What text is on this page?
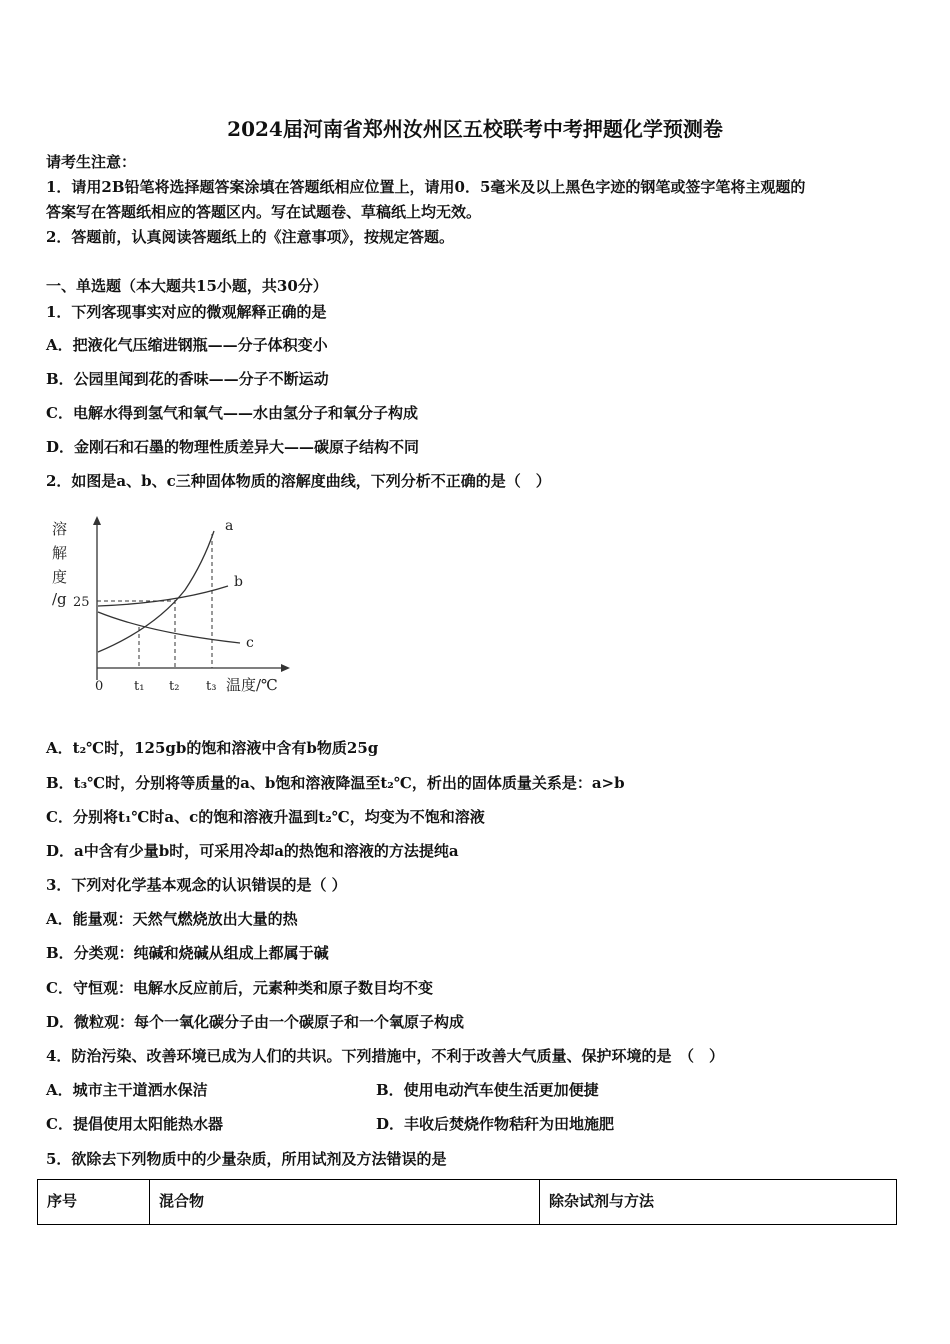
2024届河南省郑州汝州区五校联考中考押题化学预测卷
请考生注意：
1．请用2B铅笔将选择题答案涂填在答题纸相应位置上，请用0．5毫米及以上黑色字迹的钢笔或签字笔将主观题的
答案写在答题纸相应的答题区内。写在试题卷、草稿纸上均无效。
2．答题前，认真阅读答题纸上的《注意事项》，按规定答题。
一、单选题（本大题共15小题，共30分）
1．下列客现事实对应的微观解释正确的是
A．把液化气压缩进钢瓶——分子体积变小
B．公园里闻到花的香味——分子不断运动
C．电解水得到氢气和氧气——水由氢分子和氧分子构成
D．金刚石和石墨的物理性质差异大——碳原子结构不同
2．如图是a、b、c三种固体物质的溶解度曲线，下列分析不正确的是（　）
a
b
c
溶
解
度
/g 25
0 t₁ t₂ t₃ 温度/℃
A．t₂℃时，125gb的饱和溶液中含有b物质25g
B．t₃℃时，分别将等质量的a、b饱和溶液降温至t₂℃，析出的固体质量关系是：a>b
C．分别将t₁℃时a、c的饱和溶液升温到t₂℃，均变为不饱和溶液
D．a中含有少量b时，可采用冷却a的热饱和溶液的方法提纯a
3．下列对化学基本观念的认识错误的是（ ）
A．能量观：天然气燃烧放出大量的热
B．分类观：纯碱和烧碱从组成上都属于碱
C．守恒观：电解水反应前后，元素种类和原子数目均不变
D．微粒观：每个一氧化碳分子由一个碳原子和一个氧原子构成
4．防治污染、改善环境已成为人们的共识。下列措施中，不利于改善大气质量、保护环境的是　（　）
A．城市主干道洒水保洁	B．使用电动汽车使生活更加便捷
C．提倡使用太阳能热水器	D．丰收后焚烧作物秸秆为田地施肥
5．欲除去下列物质中的少量杂质，所用试剂及方法错误的是
序号	混合物	除杂试剂与方法
